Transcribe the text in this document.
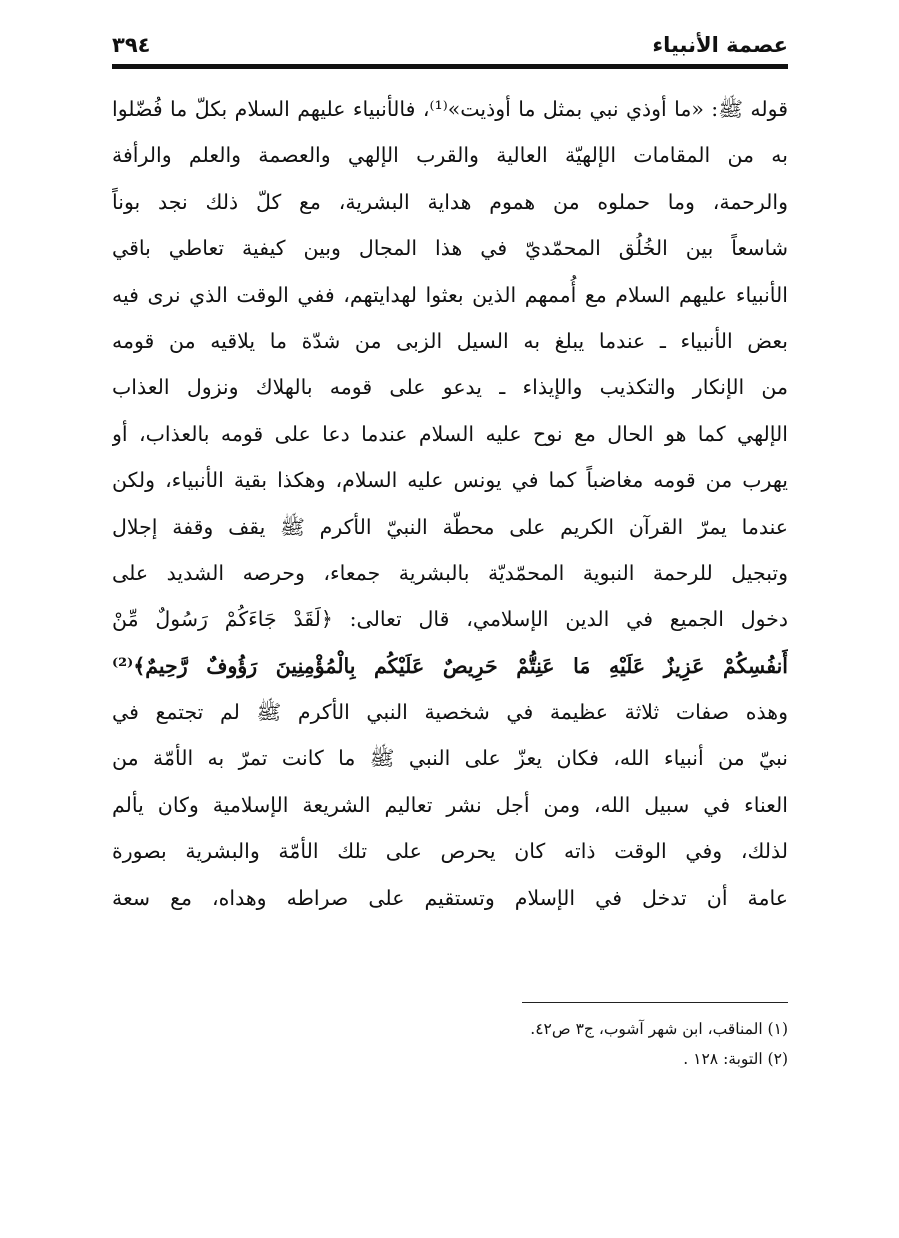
عصمة الأنبياء
٣٩٤
قوله ﷺ: «ما أوذي نبي بمثل ما أوذيت»⁽¹⁾، فالأنبياء عليهم السلام بكلّ ما فُضّلوا
به من المقامات الإلهيّة العالية والقرب الإلهي والعصمة والعلم والرأفة
والرحمة، وما حملوه من هموم هداية البشرية، مع كلّ ذلك نجد بوناً
شاسعاً بين الخُلُق المحمّديّ في هذا المجال وبين كيفية تعاطي باقي
الأنبياء عليهم السلام مع أُممهم الذين بعثوا لهدايتهم، ففي الوقت الذي نرى فيه
بعض الأنبياء ـ عندما يبلغ به السيل الزبى من شدّة ما يلاقيه من قومه
من الإنكار والتكذيب والإيذاء ـ يدعو على قومه بالهلاك ونزول العذاب
الإلهي كما هو الحال مع نوح عليه السلام عندما دعا على قومه بالعذاب، أو
يهرب من قومه مغاضباً كما في يونس عليه السلام، وهكذا بقية الأنبياء، ولكن
عندما يمرّ القرآن الكريم على محطّة النبيّ الأكرم ﷺ يقف وقفة إجلال
وتبجيل للرحمة النبوية المحمّديّة بالبشرية جمعاء، وحرصه الشديد على
دخول الجميع في الدين الإسلامي، قال تعالى: ﴿لَقَدْ جَاءَكُمْ رَسُولٌ مِّنْ
أَنفُسِكُمْ عَزِيزٌ عَلَيْهِ مَا عَنِتُّمْ حَرِيصٌ عَلَيْكُم بِالْمُؤْمِنِينَ رَؤُوفٌ رَّحِيمٌ﴾⁽²⁾
وهذه صفات ثلاثة عظيمة في شخصية النبي الأكرم ﷺ لم تجتمع في
نبيّ من أنبياء الله، فكان يعزّ على النبي ﷺ ما كانت تمرّ به الأمّة من
العناء في سبيل الله، ومن أجل نشر تعاليم الشريعة الإسلامية وكان يألم
لذلك، وفي الوقت ذاته كان يحرص على تلك الأمّة والبشرية بصورة
عامة أن تدخل في الإسلام وتستقيم على صراطه وهداه، مع سعة
(١) المناقب، ابن شهر آشوب، ج٣ ص٤٢.
(٢) التوبة: ١٢٨ .
